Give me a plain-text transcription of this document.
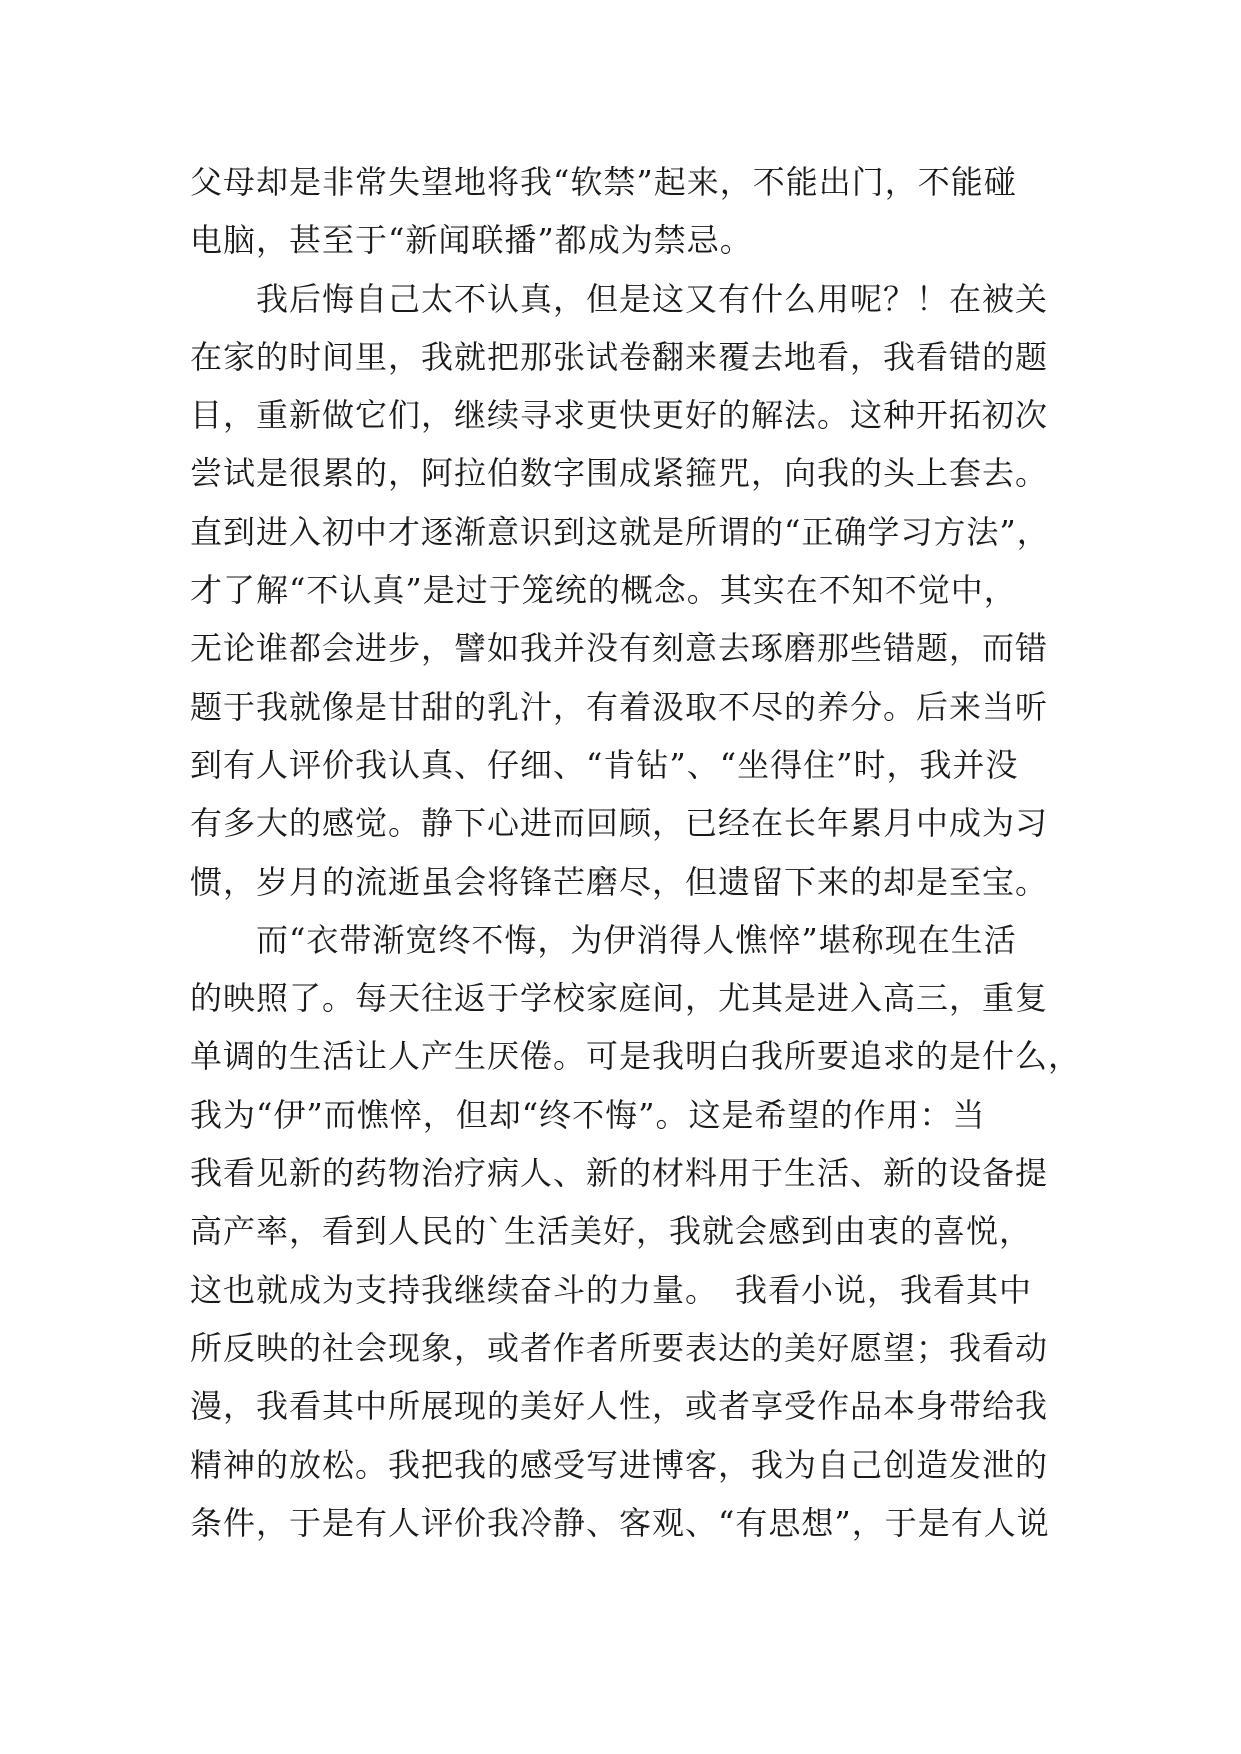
父母却是非常失望地将我“软禁”起来，不能出门，不能碰
电脑，甚至于“新闻联播”都成为禁忌。
　　我后悔自己太不认真，但是这又有什么用呢？！在被关
在家的时间里，我就把那张试卷翻来覆去地看，我看错的题
目，重新做它们，继续寻求更快更好的解法。这种开拓初次
尝试是很累的，阿拉伯数字围成紧箍咒，向我的头上套去。
直到进入初中才逐渐意识到这就是所谓的“正确学习方法”，
才了解“不认真”是过于笼统的概念。其实在不知不觉中，
无论谁都会进步，譬如我并没有刻意去琢磨那些错题，而错
题于我就像是甘甜的乳汁，有着汲取不尽的养分。后来当听
到有人评价我认真、仔细、“肯钻”、“坐得住”时，我并没
有多大的感觉。静下心进而回顾，已经在长年累月中成为习
惯，岁月的流逝虽会将锋芒磨尽，但遗留下来的却是至宝。
　　而“衣带渐宽终不悔，为伊消得人憔悴”堪称现在生活
的映照了。每天往返于学校家庭间，尤其是进入高三，重复
单调的生活让人产生厌倦。可是我明白我所要追求的是什么，
我为“伊”而憔悴，但却“终不悔”。这是希望的作用：当
我看见新的药物治疗病人、新的材料用于生活、新的设备提
高产率，看到人民的`生活美好，我就会感到由衷的喜悦，
这也就成为支持我继续奋斗的力量。　我看小说，我看其中
所反映的社会现象，或者作者所要表达的美好愿望；我看动
漫，我看其中所展现的美好人性，或者享受作品本身带给我
精神的放松。我把我的感受写进博客，我为自己创造发泄的
条件，于是有人评价我冷静、客观、“有思想”，于是有人说
